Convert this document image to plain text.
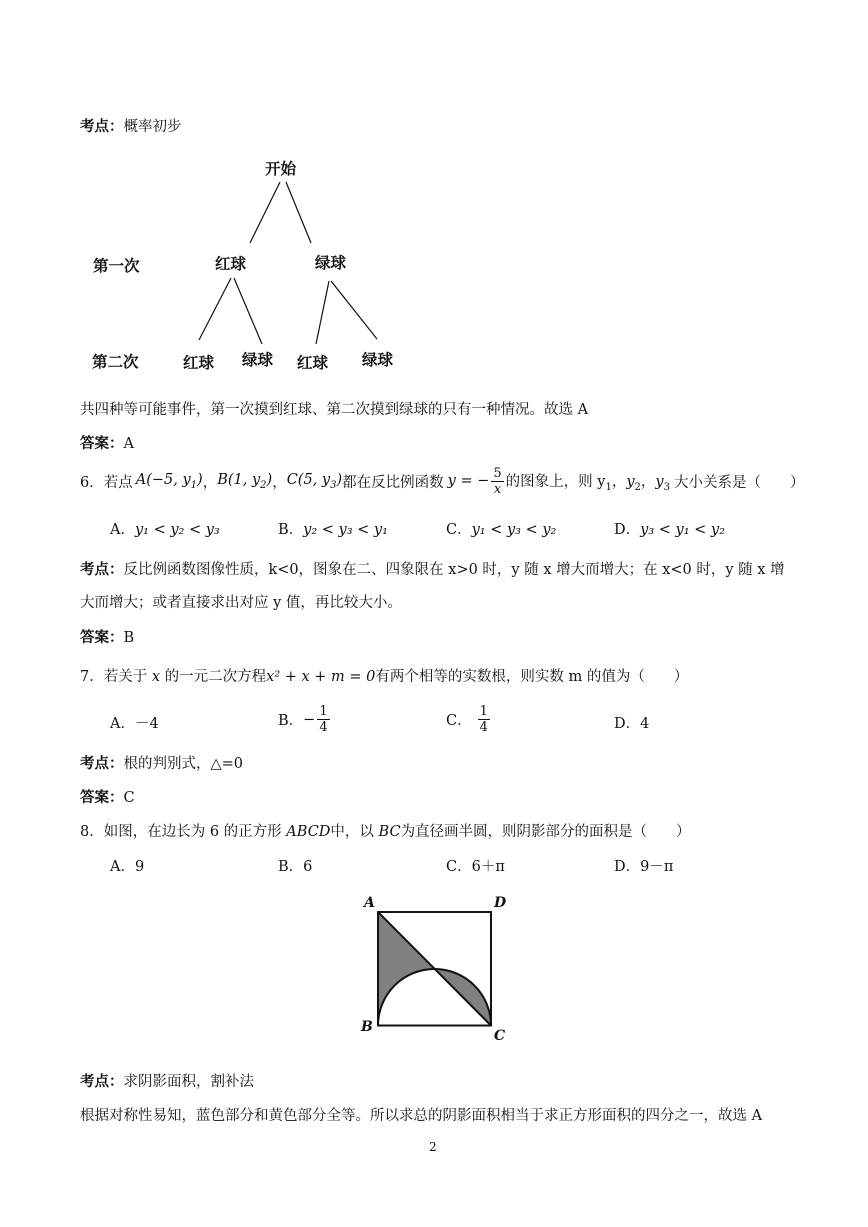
考点：概率初步
开始
第一次	红球	绿球
第二次	红球 绿球 红球 绿球
共四种等可能事件，第一次摸到红球、第二次摸到绿球的只有一种情况。故选 A
答案：A
6． 若点 A(−5, $y_1$) ， B(1, $y_2$) ， C(5, $y_3$) 都在反比例函数 y = − $\frac{5}{x}$ 的图象上，则 $y_1$，$y_2$，$y_3$ 大小关系是（　　）
A．y₁ < y₂ < y₃	B．y₂ < y₃ < y₁	C．y₁ < y₃ < y₂	D．y₃ < y₁ < y₂
考点：反比例函数图像性质，k<0，图象在二、四象限在 x>0 时，y 随 x 增大而增大；在 x<0 时，y 随 x 增
大而增大；或者直接求出对应 y 值，再比较大小。
答案：B
7．若关于 x 的一元二次方程x² + x + m = 0有两个相等的实数根，则实数 m 的值为（　　）
A．－4	B． − $\frac{1}{4}$	C． $\frac{1}{4}$	D．4
考点：根的判别式，△=0
答案：C
8．如图，在边长为 6 的正方形 ABCD中，以 BC为直径画半圆，则阴影部分的面积是（　　）
A．9	B．6	C．6＋π	D．9－π
A	D
B
C
考点：求阴影面积，割补法
根据对称性易知，蓝色部分和黄色部分全等。所以求总的阴影面积相当于求正方形面积的四分之一，故选 A
2
